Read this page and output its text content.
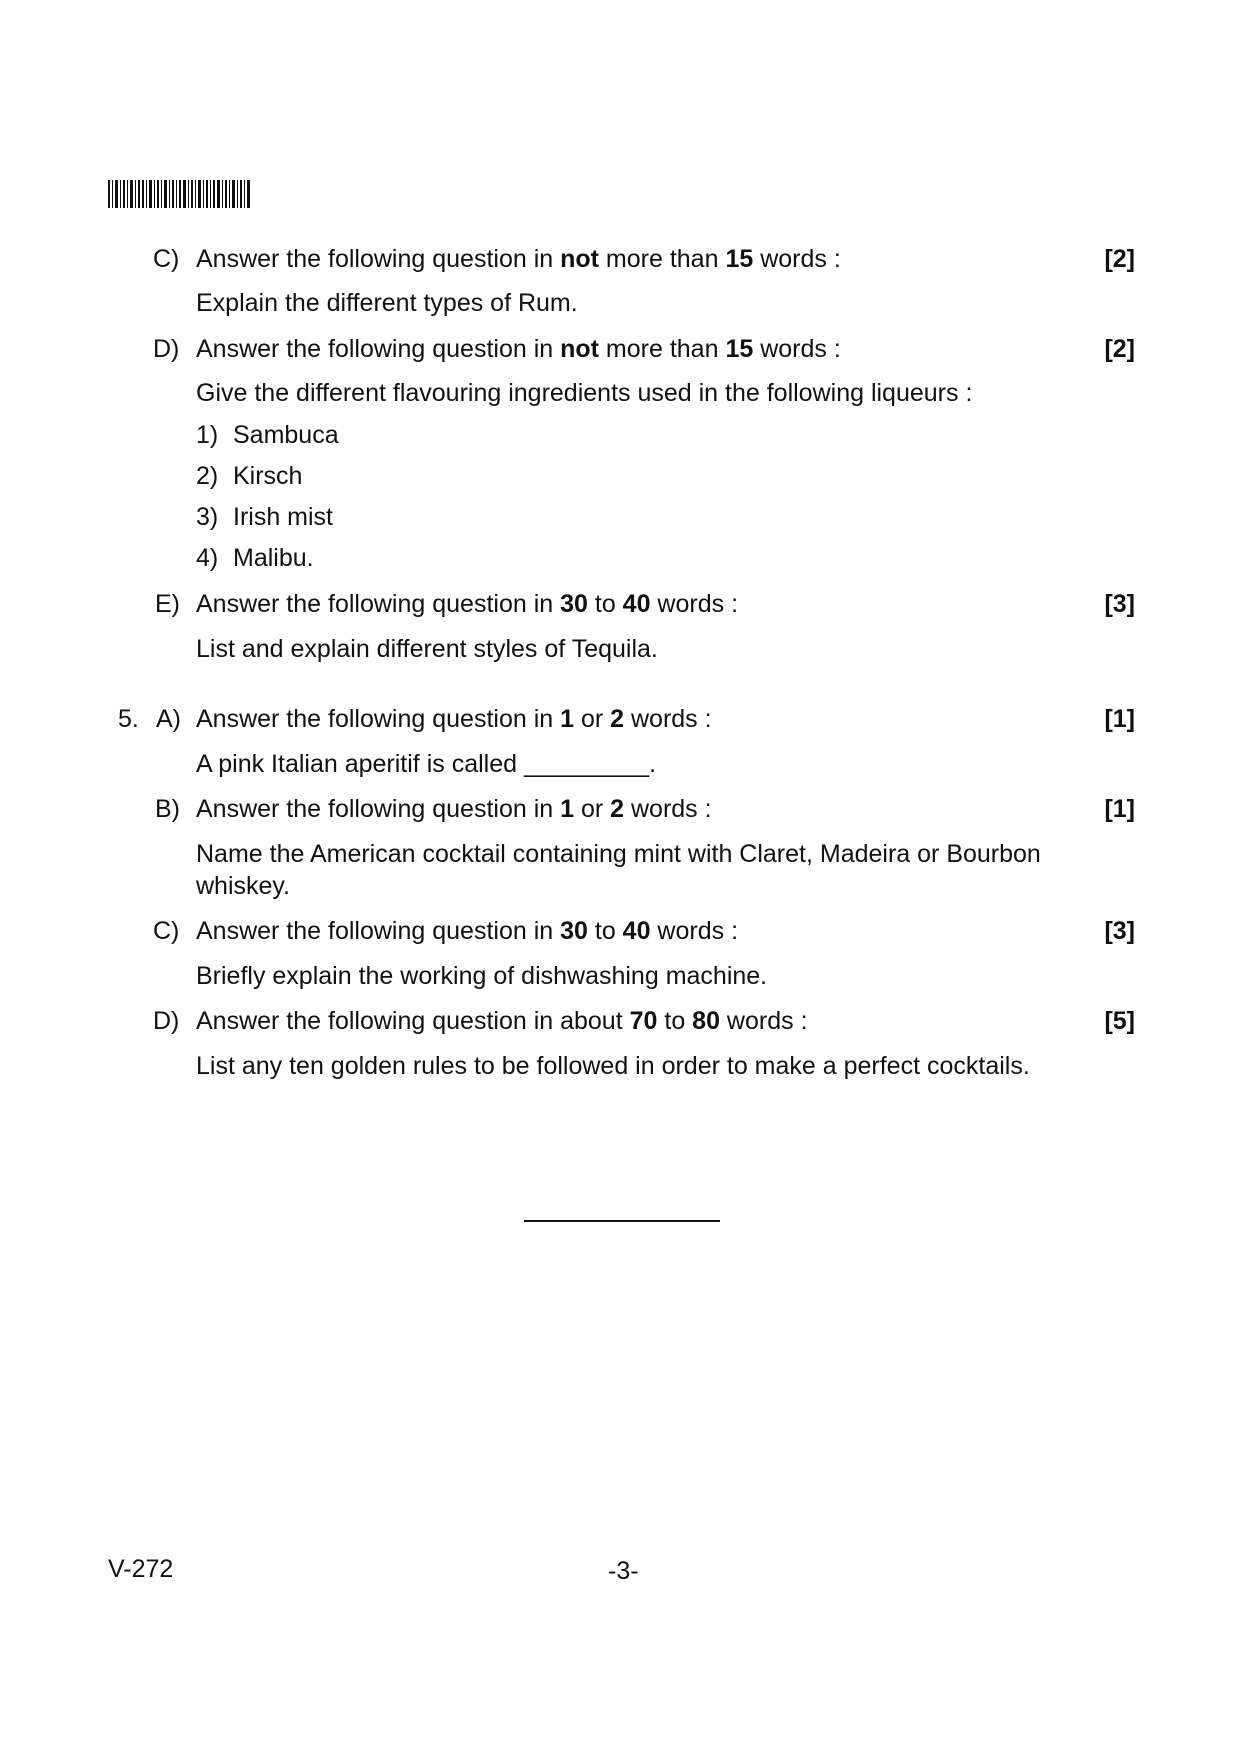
C) Answer the following question in not more than 15 words :	[2]
Explain the different types of Rum.
D) Answer the following question in not more than 15 words :	[2]
Give the different flavouring ingredients used in the following liqueurs :
1) Sambuca
2) Kirsch
3) Irish mist
4) Malibu.
E) Answer the following question in 30 to 40 words :	[3]
List and explain different styles of Tequila.
5. A) Answer the following question in 1 or 2 words :	[1]
A pink Italian aperitif is called _________.
B) Answer the following question in 1 or 2 words :	[1]
Name the American cocktail containing mint with Claret, Madeira or Bourbon whiskey.
C) Answer the following question in 30 to 40 words :	[3]
Briefly explain the working of dishwashing machine.
D) Answer the following question in about 70 to 80 words :	[5]
List any ten golden rules to be followed in order to make a perfect cocktails.
V-272	-3-
